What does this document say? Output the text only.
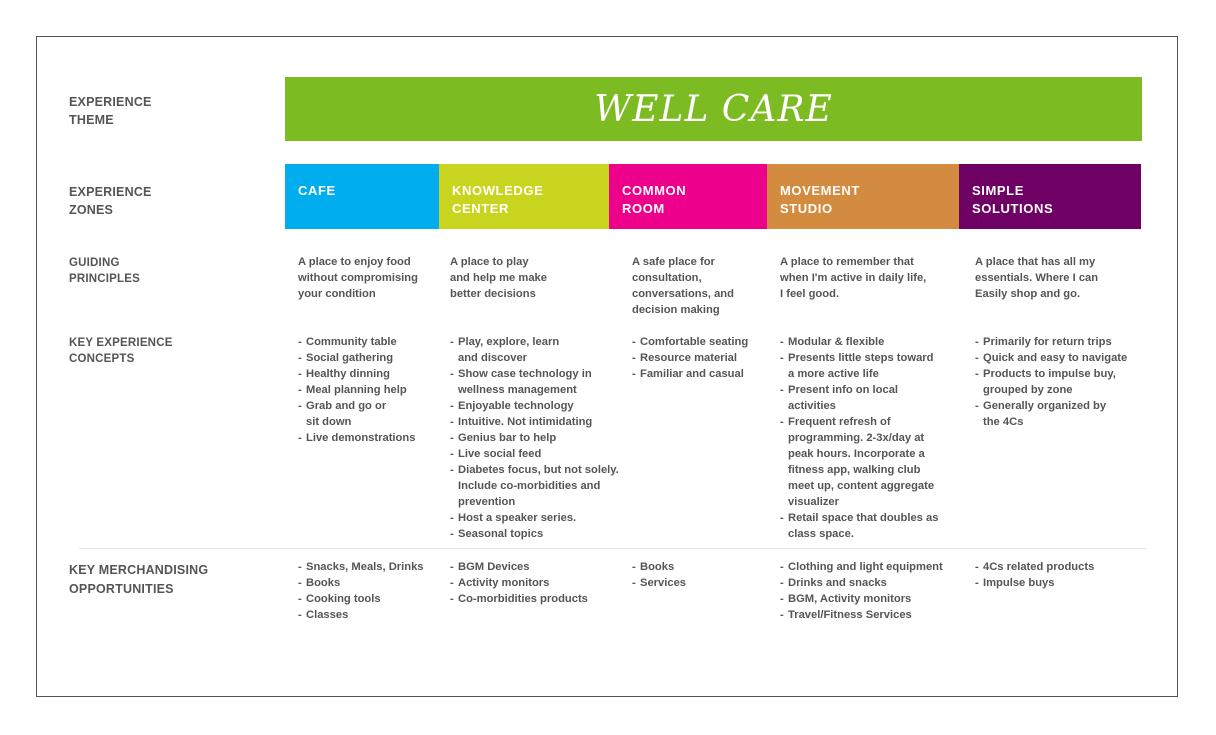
EXPERIENCE
THEME
EXPERIENCE
ZONES
GUIDING
PRINCIPLES
KEY EXPERIENCE
CONCEPTS
KEY MERCHANDISING
OPPORTUNITIES
WELL CARE
CAFE

A place to enjoy food

without compromising

your condition

- Community table
- Social gathering
- Healthy dinning
- Meal planning help
- Grab and go or
sit down
- Live demonstrations
- Snacks, Meals, Drinks
- Books
- Cooking tools
- Classes
KNOWLEDGE
CENTER

A place to play

and help me make

better decisions

- Play, explore, learn
and discover
- Show case technology in
wellness management
- Enjoyable technology
- Intuitive. Not intimidating
- Genius bar to help
- Live social feed
- Diabetes focus, but not solely.
Include co-morbidities and
prevention
- Host a speaker series.
- Seasonal topics
- BGM Devices
- Activity monitors
- Co-morbidities products
COMMON
ROOM

A safe place for

consultation,

conversations, and

decision making

- Comfortable seating
- Resource material
- Familiar and casual
- Books
- Services
MOVEMENT
STUDIO

A place to remember that

when I'm active in daily life,

I feel good.

- Modular & flexible
- Presents little steps toward
a more active life
- Present info on local
activities
- Frequent refresh of
programming. 2-3x/day at
peak hours. Incorporate a
fitness app, walking club
meet up, content aggregate
visualizer
- Retail space that doubles as
class space.
- Clothing and light equipment
- Drinks and snacks
- BGM, Activity monitors
- Travel/Fitness Services
SIMPLE
SOLUTIONS

A place that has all my

essentials. Where I can

Easily shop and go.

- Primarily for return trips
- Quick and easy to navigate
- Products to impulse buy,
grouped by zone
- Generally organized by
the 4Cs
- 4Cs related products
- Impulse buys
